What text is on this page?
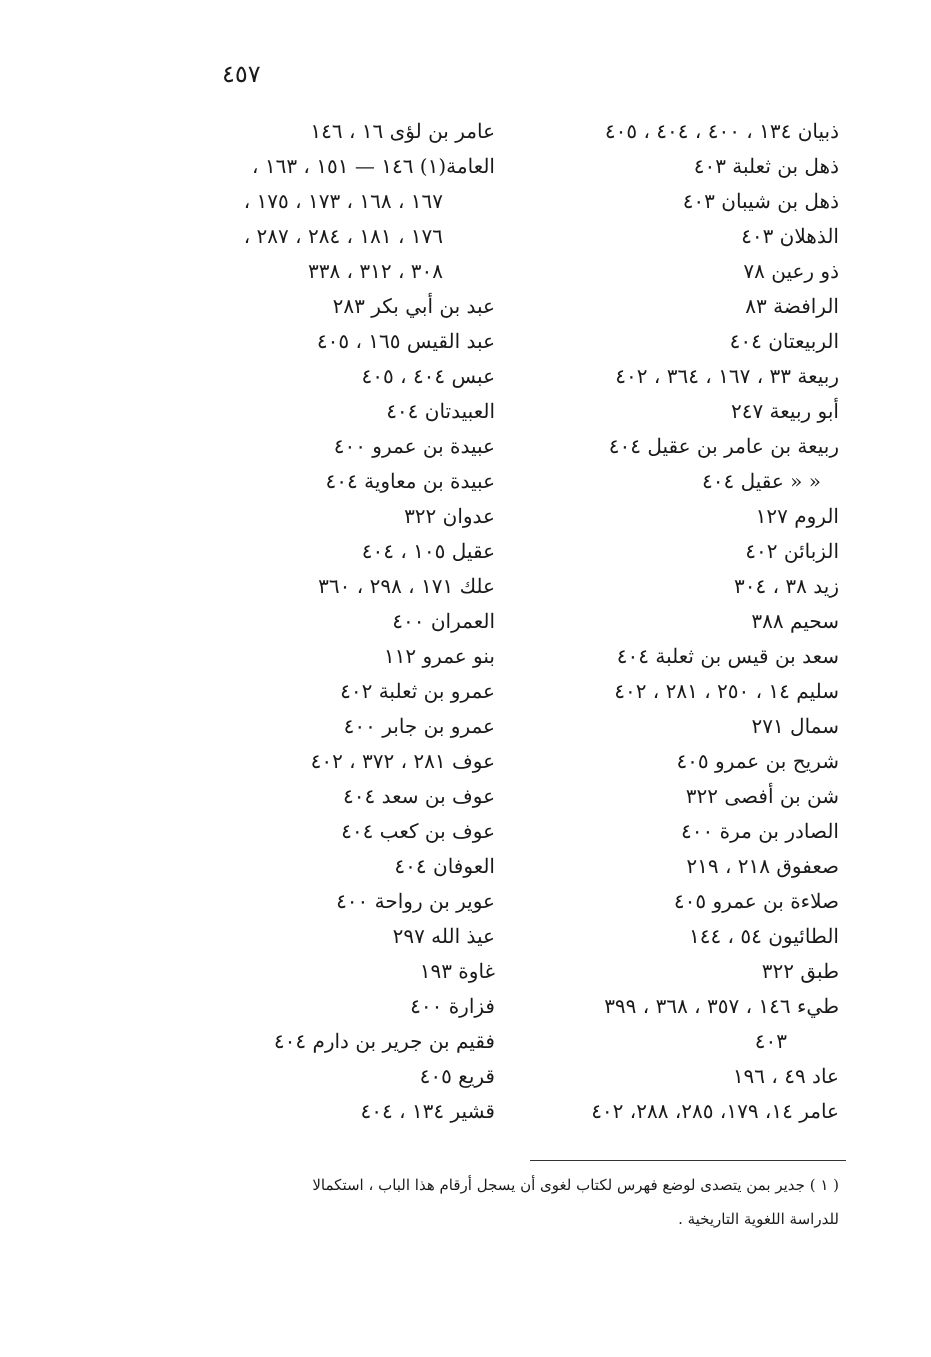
٤٥٧
ذبيان ١٣٤ ، ٤٠٠ ، ٤٠٤ ، ٤٠٥
ذهل بن ثعلبة ٤٠٣
ذهل بن شيبان ٤٠٣
الذهلان ٤٠٣
ذو رعين ٧٨
الرافضة ٨٣
الربيعتان ٤٠٤
ربيعة ٣٣ ، ١٦٧ ، ٣٦٤ ، ٤٠٢
أبو ربيعة ٢٤٧
ربيعة بن عامر بن عقيل ٤٠٤
« « عقيل ٤٠٤
الروم ١٢٧
الزبائن ٤٠٢
زيد ٣٨ ، ٣٠٤
سحيم ٣٨٨
سعد بن قيس بن ثعلبة ٤٠٤
سليم ١٤ ، ٢٥٠ ، ٢٨١ ، ٤٠٢
سمال ٢٧١
شريح بن عمرو ٤٠٥
شن بن أفصى ٣٢٢
الصادر بن مرة ٤٠٠
صعفوق ٢١٨ ، ٢١٩
صلاءة بن عمرو ٤٠٥
الطائيون ٥٤ ، ١٤٤
طبق ٣٢٢
طيء ١٤٦ ، ٣٥٧ ، ٣٦٨ ، ٣٩٩
٤٠٣
عاد ٤٩ ، ١٩٦
عامر ١٤، ١٧٩، ٢٨٥، ٢٨٨، ٤٠٢
عامر بن لؤى ١٦ ، ١٤٦
العامة(١) ١٤٦ — ١٥١ ، ١٦٣ ،
١٦٧ ، ١٦٨ ، ١٧٣ ، ١٧٥ ،
١٧٦ ، ١٨١ ، ٢٨٤ ، ٢٨٧ ،
٣٠٨ ، ٣١٢ ، ٣٣٨
عبد بن أبي بكر ٢٨٣
عبد القيس ١٦٥ ، ٤٠٥
عبس ٤٠٤ ، ٤٠٥
العبيدتان ٤٠٤
عبيدة بن عمرو ٤٠٠
عبيدة بن معاوية ٤٠٤
عدوان ٣٢٢
عقيل ١٠٥ ، ٤٠٤
علك ١٧١ ، ٢٩٨ ، ٣٦٠
العمران ٤٠٠
بنو عمرو ١١٢
عمرو بن ثعلبة ٤٠٢
عمرو بن جابر ٤٠٠
عوف ٢٨١ ، ٣٧٢ ، ٤٠٢
عوف بن سعد ٤٠٤
عوف بن كعب ٤٠٤
العوفان ٤٠٤
عوير بن رواحة ٤٠٠
عيذ الله ٢٩٧
غاوة ١٩٣
فزارة ٤٠٠
فقيم بن جرير بن دارم ٤٠٤
قريع ٤٠٥
قشير ١٣٤ ، ٤٠٤
( ١ ) جدير بمن يتصدى لوضع فهرس لكتاب لغوى أن يسجل أرقام هذا الباب ، استكمالا
للدراسة اللغوية التاريخية .
